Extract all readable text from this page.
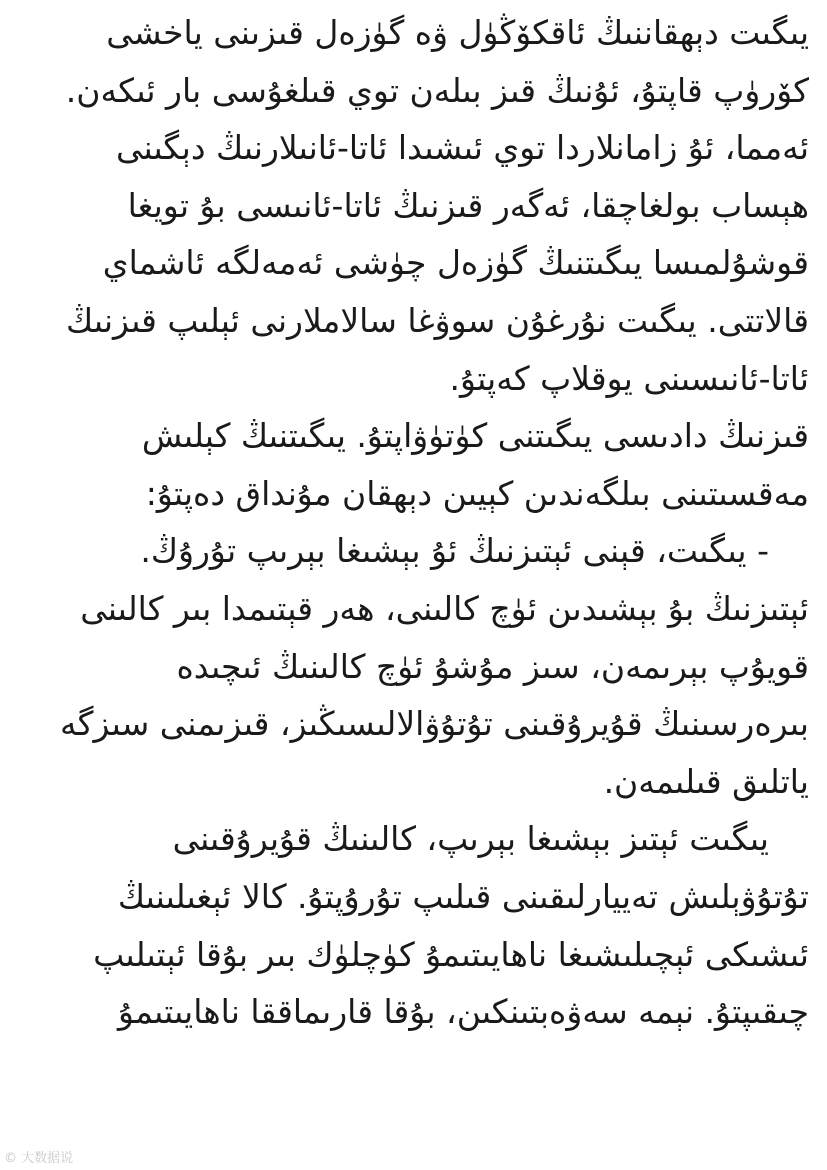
يىگىت دېھقاننىڭ ئاقكۆڭۈل ۋە گۈزەل قىزىنى ياخشى
كۆرۈپ قاپتۇ، ئۇنىڭ قىز بىلەن توي قىلغۇسى بار ئىكەن.
ئەمما، ئۇ زامانلاردا توي ئىشىدا ئاتا-ئانىلارنىڭ دېگىنى
ھېساب بولغاچقا، ئەگەر قىزنىڭ ئاتا-ئانىسى بۇ تويغا
قوشۇلمىسا يىگىتنىڭ گۈزەل چۈشى ئەمەلگە ئاشماي
قالاتتى. يىگىت نۇرغۇن سوۋغا سالاملارنى ئېلىپ قىزنىڭ
ئاتا-ئانىسىنى يوقلاپ كەپتۇ.
قىزنىڭ دادىسى يىگىتنى كۈتۈۋاپتۇ. يىگىتنىڭ كېلىش
مەقسىتىنى بىلگەندىن كېيىن دېھقان مۇنداق دەپتۇ:
- يىگىت، قېنى ئېتىزنىڭ ئۇ بېشىغا بېرىپ تۇرۇڭ.
ئېتىزنىڭ بۇ بېشىدىن ئۈچ كالىنى، ھەر قېتىمدا بىر كالىنى
قويۇپ بېرىمەن، سىز مۇشۇ ئۈچ كالىنىڭ ئىچىدە
بىرەرسىنىڭ قۇيرۇقىنى تۇتۇۋالالىسىڭىز، قىزىمنى سىزگە
ياتلىق قىلىمەن.
يىگىت ئېتىز بېشىغا بېرىپ، كالىنىڭ قۇيرۇقىنى
تۇتۇۋېلىش تەييارلىقىنى قىلىپ تۇرۇپتۇ. كالا ئېغىلىنىڭ
ئىشىكى ئېچىلىشىغا ناھايىتىمۇ كۈچلۈك بىر بۇقا ئېتىلىپ
چىقىپتۇ. نېمە سەۋەبتىنكىن، بۇقا قارىماققا ناھايىتىمۇ
© 大数据说
